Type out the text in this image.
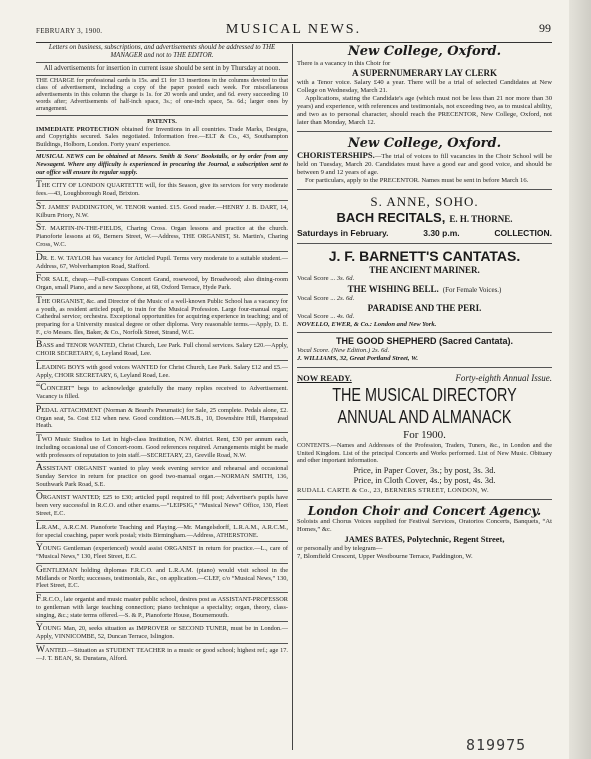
FEBRUARY 3, 1900.	MUSICAL NEWS.	99
Letters on business, subscriptions, and advertisements should be addressed to THE MANAGER and not to THE EDITOR.
All advertisements for insertion in current issue should be sent in by Thursday at noon.
THE CHARGE for professional cards is 15s. and £1 for 13 insertions in the columns devoted to that class of advertisement, including a copy of the paper posted each week. For miscellaneous advertisements in this column the charge is 1s. for 20 words and under, and 6d. every succeeding 10 words after; Advertisements of half-inch space, 3s.; of one-inch space, 5s. 6d.; larger ones by arrangement.
PATENTS.
IMMEDIATE PROTECTION obtained for Inventions in all countries. Trade Marks, Designs, and Copyrights secured. Sales negotiated. Information free.—ELT & Co., 43, Southampton Buildings, Holborn, London. Forty years' experience.
MUSICAL NEWS can be obtained at Messrs. Smith & Sons' Bookstalls, or by order from any Newsagent. Where any difficulty is experienced in procuring the Journal, a subscription sent to our office will ensure its regular supply.
THE CITY OF LONDON QUARTETTE will, for this Season, give its services for very moderate fees.—43, Loughborough Road, Brixton.
ST. JAMES' PADDINGTON, W. TENOR wanted. £15. Good reader.—HENRY J. B. DART, 14, Kilburn Priory, N.W.
ST. MARTIN-IN-THE-FIELDS, Charing Cross. Organ lessons and practice at the church. Pianoforte lessons at 66, Berners Street, W.—Address, THE ORGANIST, St. Martin's, Charing Cross, W.C.
DR. E. W. TAYLOR has vacancy for Articled Pupil. Terms very moderate to a suitable student.—Address, 67, Wolverhampton Road, Stafford.
FOR SALE, cheap.—Full-compass Concert Grand, rosewood, by Broadwood; also dining-room Organ, small Piano, and a new Saxophone, at 68, Oxford Terrace, Hyde Park.
THE ORGANIST, &c. and Director of the Music of a well-known Public School has a vacancy for a youth, as resident articled pupil, to train for the Musical Profession. Large four-manual organ; Cathedral service; orchestra. Exceptional opportunities for acquiring experience in teaching; and of preparing for a University musical degree or other diploma. Very reasonable terms.—Apply, D. E. F., c/o Messrs. Iles, Baker, & Co., Norfolk Street, Strand, W.C.
BASS and TENOR WANTED, Christ Church, Lee Park. Full choral services. Salary £20.—Apply, CHOIR SECRETARY, 6, Leyland Road, Lee.
LEADING BOYS with good voices WANTED for Christ Church, Lee Park. Salary £12 and £5.—Apply, CHOIR SECRETARY, 6, Leyland Road, Lee.
“CONCERT” begs to acknowledge gratefully the many replies received to Advertisement. Vacancy is filled.
PEDAL ATTACHMENT (Norman & Beard's Pneumatic) for Sale, 25 complete. Pedals alone, £2. Organ seat, 5s. Cost £12 when new. Good condition.—MUS.B., 10, Downshire Hill, Hampstead Heath.
TWO Music Studios to Let in high-class Institution, N.W. district. Rent, £30 per annum each, including occasional use of Concert-room. Good references required. Arrangements might be made with professors of reputation to join staff.—SECRETARY, 23, Greville Road, N.W.
ASSISTANT ORGANIST wanted to play week evening service and rehearsal and occasional Sunday Service in return for practice on good two-manual organ.—NORMAN SMITH, 136, Southwark Park Road, S.E.
ORGANIST WANTED; £25 to £30; articled pupil required to fill post; Advertiser's pupils have been very successful in R.C.O. and other exams.—“LEIPSIG,” “Musical News” Office, 130, Fleet Street, E.C.
LR.AM., A.R.C.M. Pianoforte Teaching and Playing.—Mr. Mangelsdorff, L.R.A.M., A.R.C.M., for special coaching, paper work postal; visits Birmingham.—Address, ATHERSTONE.
YOUNG Gentleman (experienced) would assist ORGANIST in return for practice.—L., care of “Musical News,” 130, Fleet Street, E.C.
GENTLEMAN holding diplomas F.R.C.O. and L.R.A.M. (piano) would visit school in the Midlands or North; successes, testimonials, &c., on application.—CLEF, c/o “Musical News,” 130, Fleet Street, E.C.
F.R.C.O., late organist and music master public school, desires post as ASSISTANT-PROFESSOR to gentleman with large teaching connection; piano technique a speciality; organ, theory, class-singing, &c.; state terms offered.—S. & P., Pianoforte House, Bournemouth.
YOUNG Man, 20, seeks situation as IMPROVER or SECOND TUNER, must be in London.—Apply, VINNICOMBE, 52, Duncan Terrace, Islington.
WANTED.—Situation as STUDENT TEACHER in a music or good school; highest ref.; age 17.—J. T. BEAN, St. Dunstans, Alford.
New College, Oxford.
There is a vacancy in this Choir for
A SUPERNUMERARY LAY CLERK
with a Tenor voice. Salary £40 a year. There will be a trial of selected Candidates at New College on Wednesday, March 21.
Applications, stating the Candidate's age (which must not be less than 21 nor more than 30 years) and experience, with references and testimonials, not exceeding two, as to musical ability, and two as to personal character, should reach the PRECENTOR, New College, Oxford, not later than Monday, March 12.
New College, Oxford.
CHORISTERSHIPS.—The trial of voices to fill vacancies in the Choir School will be held on Tuesday, March 20. Candidates must have a good ear and good voice, and should be between 9 and 12 years of age.
For particulars, apply to the PRECENTOR. Names must be sent in before March 16.
S. ANNE, SOHO.
BACH RECITALS, E. H. THORNE.
Saturdays in February.	3.30 p.m.	COLLECTION.
J. F. BARNETT'S CANTATAS.
THE ANCIENT MARINER.
Vocal Score ... 3s. 6d.
THE WISHING BELL. (For Female Voices.)
Vocal Score ... 2s. 6d.
PARADISE AND THE PERI.
Vocal Score ... 4s. 0d.
NOVELLO, EWER, & Co.: London and New York.
THE GOOD SHEPHERD (Sacred Cantata).
Vocal Score. (New Edition.) 2s. 6d.
J. WILLIAMS, 32, Great Portland Street, W.
NOW READY.	Forty-eighth Annual Issue.
THE MUSICAL DIRECTORY
ANNUAL AND ALMANACK
For 1900.
CONTENTS.—Names and Addresses of the Profession, Traders, Tuners, &c., in London and the United Kingdom. List of the principal Concerts and Works performed. List of New Music. Obituary and other important information.
Price, in Paper Cover, 3s.; by post, 3s. 3d.
Price, in Cloth Cover, 4s.; by post, 4s. 3d.
RUDALL CARTE & Co., 23, BERNERS STREET, LONDON, W.
London Choir and Concert Agency.
Soloists and Chorus Voices supplied for Festival Services, Oratorios Concerts, Banquets, “At Homes,” &c.
JAMES BATES, Polytechnic, Regent Street,
or personally and by telegram—
7, Blomfield Crescent, Upper Westbourne Terrace, Paddington, W.
819975
